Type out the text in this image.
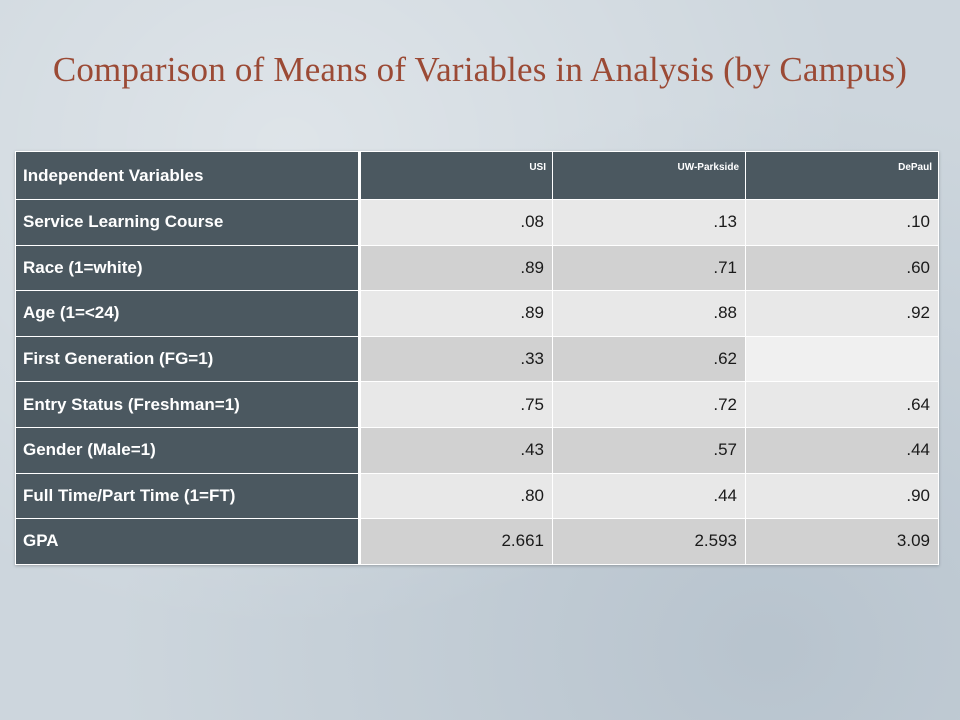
Comparison of Means of Variables in Analysis (by Campus)
Independent Variables	USI	UW-Parkside	DePaul
Service Learning Course	.08	.13	.10
Race (1=white)	.89	.71	.60
Age (1=<24)	.89	.88	.92
First Generation (FG=1)	.33	.62	
Entry Status (Freshman=1)	.75	.72	.64
Gender (Male=1)	.43	.57	.44
Full Time/Part Time (1=FT)	.80	.44	.90
GPA	2.661	2.593	3.09
